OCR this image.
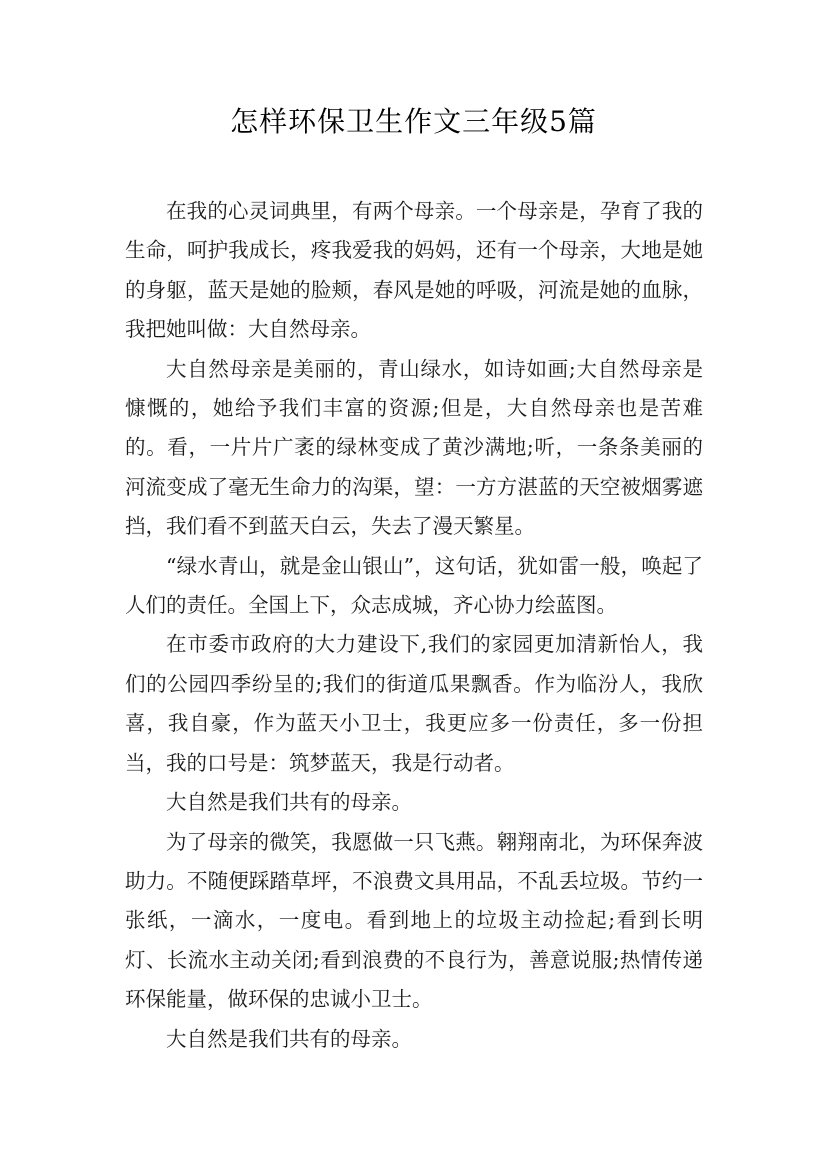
怎样环保卫生作文三年级5篇

在我的心灵词典里，有两个母亲。一个母亲是，孕育了我的生命，呵护我成长，疼我爱我的妈妈，还有一个母亲，大地是她的身躯，蓝天是她的脸颊，春风是她的呼吸，河流是她的血脉，我把她叫做：大自然母亲。

大自然母亲是美丽的，青山绿水，如诗如画;大自然母亲是慷慨的，她给予我们丰富的资源;但是，大自然母亲也是苦难的。看，一片片广袤的绿林变成了黄沙满地;听，一条条美丽的河流变成了毫无生命力的沟渠，望：一方方湛蓝的天空被烟雾遮挡，我们看不到蓝天白云，失去了漫天繁星。

“绿水青山，就是金山银山”，这句话，犹如雷一般，唤起了人们的责任。全国上下，众志成城，齐心协力绘蓝图。

在市委市政府的大力建设下,我们的家园更加清新怡人，我们的公园四季纷呈的;我们的街道瓜果飘香。作为临汾人，我欣喜，我自豪，作为蓝天小卫士，我更应多一份责任，多一份担当，我的口号是：筑梦蓝天，我是行动者。

大自然是我们共有的母亲。

为了母亲的微笑，我愿做一只飞燕。翱翔南北，为环保奔波助力。不随便踩踏草坪，不浪费文具用品，不乱丢垃圾。节约一张纸，一滴水，一度电。看到地上的垃圾主动捡起;看到长明灯、长流水主动关闭;看到浪费的不良行为，善意说服;热情传递环保能量，做环保的忠诚小卫士。

大自然是我们共有的母亲。
